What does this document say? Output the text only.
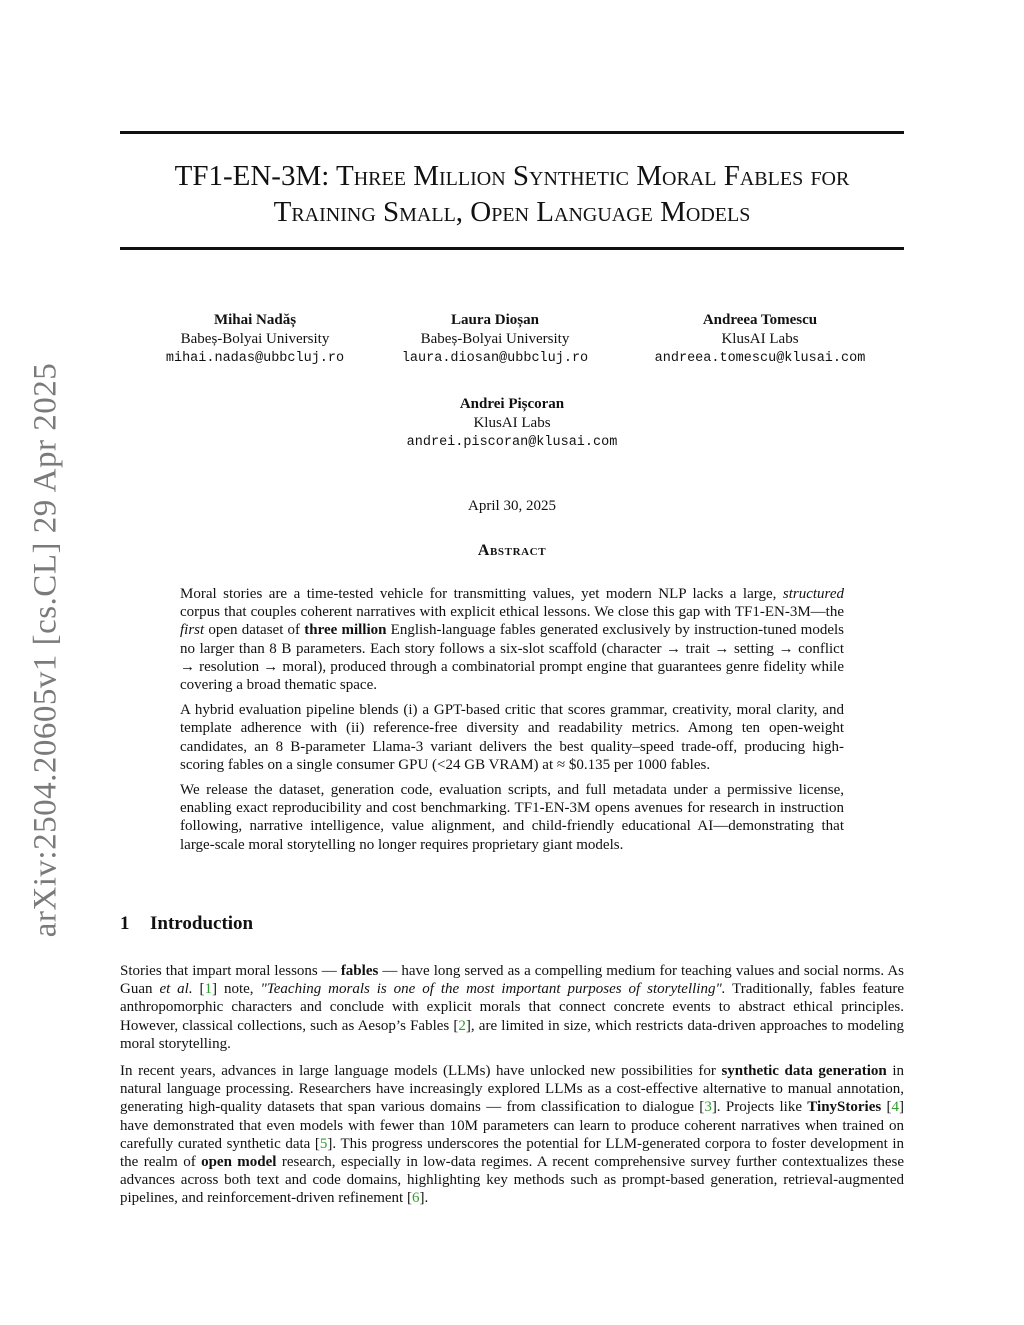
arXiv:2504.20605v1 [cs.CL] 29 Apr 2025
TF1-EN-3M: Three Million Synthetic Moral Fables for
Training Small, Open Language Models
Mihai Nadăș
Babeș-Bolyai University
mihai.nadas@ubbcluj.ro
Laura Dioșan
Babeș-Bolyai University
laura.diosan@ubbcluj.ro
Andreea Tomescu
KlusAI Labs
andreea.tomescu@klusai.com
Andrei Pișcoran
KlusAI Labs
andrei.piscoran@klusai.com
April 30, 2025
Abstract

Moral stories are a time-tested vehicle for transmitting values, yet modern NLP lacks a large, structured corpus that couples coherent narratives with explicit ethical lessons. We close this gap with TF1-EN-3M—the first open dataset of three million English-language fables generated exclusively by instruction-tuned models no larger than 8 B parameters. Each story follows a six-slot scaffold (character → trait → setting → conflict → resolution → moral), produced through a combinatorial prompt engine that guarantees genre fidelity while covering a broad thematic space.

A hybrid evaluation pipeline blends (i) a GPT-based critic that scores grammar, creativity, moral clarity, and template adherence with (ii) reference-free diversity and readability metrics. Among ten open-weight candidates, an 8 B-parameter Llama-3 variant delivers the best quality–speed trade-off, producing high-scoring fables on a single consumer GPU (<24 GB VRAM) at ≈ $0.135 per 1000 fables.

We release the dataset, generation code, evaluation scripts, and full metadata under a permissive license, enabling exact reproducibility and cost benchmarking. TF1-EN-3M opens avenues for research in instruction following, narrative intelligence, value alignment, and child-friendly educational AI—demonstrating that large-scale moral storytelling no longer requires proprietary giant models.

1 Introduction

Stories that impart moral lessons — fables — have long served as a compelling medium for teaching values and social norms. As Guan et al. [1] note, "Teaching morals is one of the most important purposes of storytelling". Traditionally, fables feature anthropomorphic characters and conclude with explicit morals that connect concrete events to abstract ethical principles. However, classical collections, such as Aesop’s Fables [2], are limited in size, which restricts data-driven approaches to modeling moral storytelling.

In recent years, advances in large language models (LLMs) have unlocked new possibilities for synthetic data generation in natural language processing. Researchers have increasingly explored LLMs as a cost-effective alternative to manual annotation, generating high-quality datasets that span various domains — from classification to dialogue [3]. Projects like TinyStories [4] have demonstrated that even models with fewer than 10M parameters can learn to produce coherent narratives when trained on carefully curated synthetic data [5]. This progress underscores the potential for LLM-generated corpora to foster development in the realm of open model research, especially in low-data regimes. A recent comprehensive survey further contextualizes these advances across both text and code domains, highlighting key methods such as prompt-based generation, retrieval-augmented pipelines, and reinforcement-driven refinement [6].
